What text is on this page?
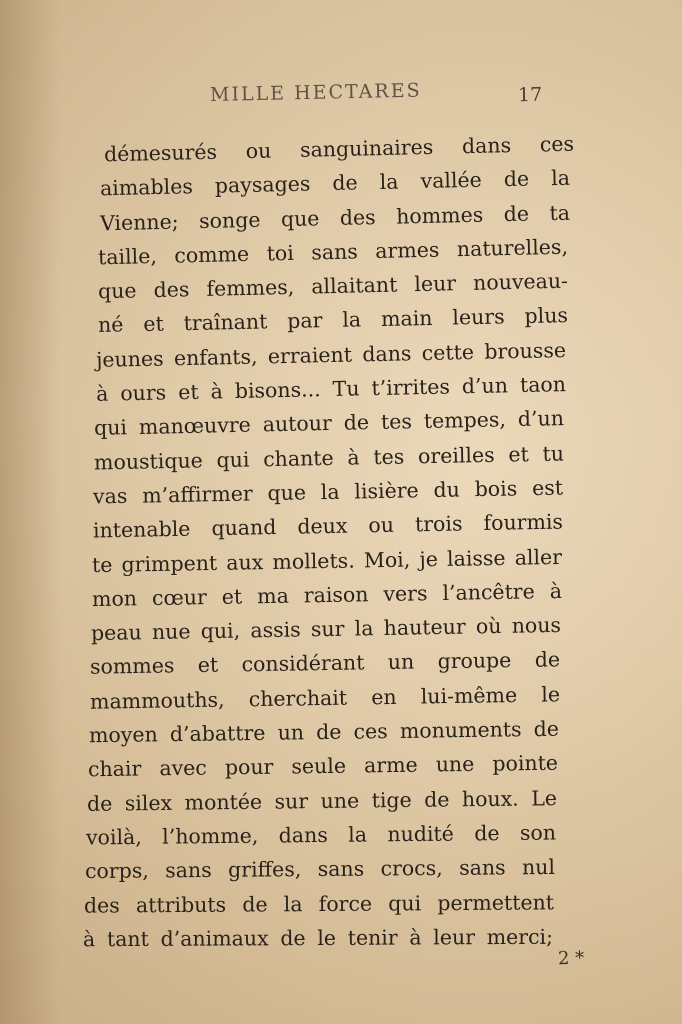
MILLE HECTARES	17
démesurés ou sanguinaires dans ces
aimables paysages de la vallée de la
Vienne; songe que des hommes de ta
taille, comme toi sans armes naturelles,
que des femmes, allaitant leur nouveau-
né et traînant par la main leurs plus
jeunes enfants, erraient dans cette brousse
à ours et à bisons... Tu t’irrites d’un taon
qui manœuvre autour de tes tempes, d’un
moustique qui chante à tes oreilles et tu
vas m’affirmer que la lisière du bois est
intenable quand deux ou trois fourmis
te grimpent aux mollets. Moi, je laisse aller
mon cœur et ma raison vers l’ancêtre à
peau nue qui, assis sur la hauteur où nous
sommes et considérant un groupe de
mammouths, cherchait en lui-même le
moyen d’abattre un de ces monuments de
chair avec pour seule arme une pointe
de silex montée sur une tige de houx. Le
voilà, l’homme, dans la nudité de son
corps, sans griffes, sans crocs, sans nul
des attributs de la force qui permettent
à tant d’animaux de le tenir à leur merci;
2 *
